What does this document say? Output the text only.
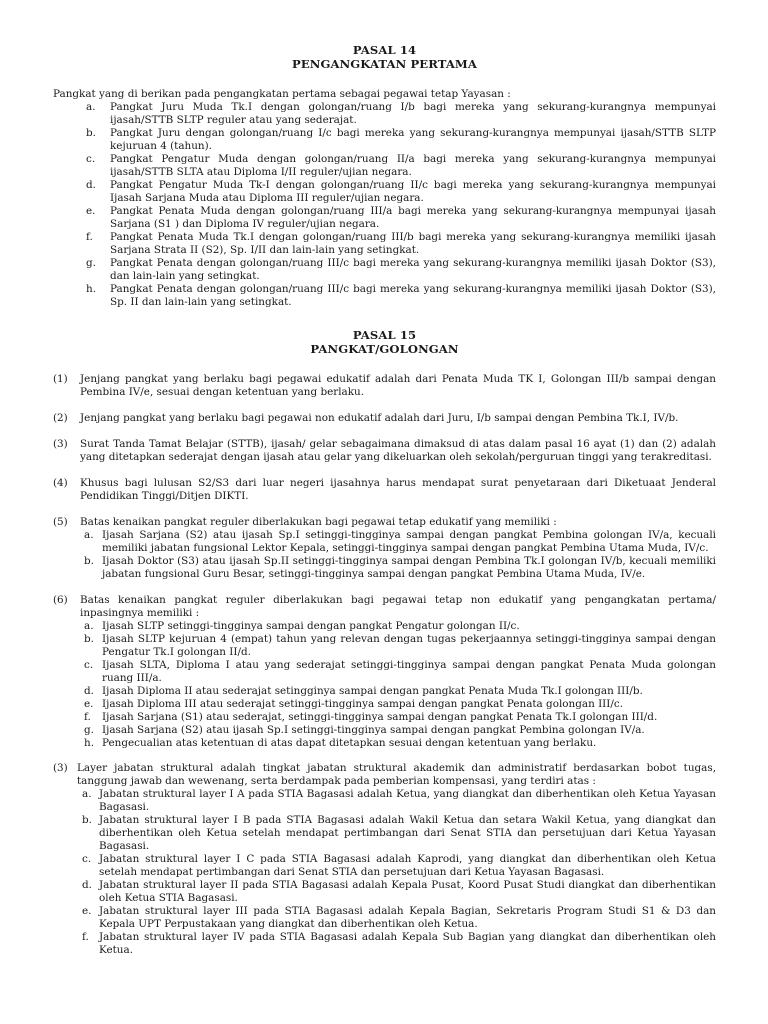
PASAL 14
PENGANGKATAN PERTAMA

Pangkat yang di berikan pada pengangkatan pertama sebagai pegawai tetap Yayasan :

a. Pangkat Juru Muda Tk.I dengan golongan/ruang I/b bagi mereka yang sekurang-kurangnya mempunyai ijasah/STTB SLTP reguler atau yang sederajat.
b. Pangkat Juru dengan golongan/ruang I/c bagi mereka yang sekurang-kurangnya mempunyai ijasah/STTB SLTP kejuruan 4 (tahun).
c. Pangkat Pengatur Muda dengan golongan/ruang II/a bagi mereka yang sekurang-kurangnya mempunyai ijasah/STTB SLTA atau Diploma I/II reguler/ujian negara.
d. Pangkat Pengatur Muda Tk-I dengan golongan/ruang II/c bagi mereka yang sekurang-kurangnya mempunyai Ijasah Sarjana Muda atau Diploma III reguler/ujian negara.
e. Pangkat Penata Muda dengan golongan/ruang III/a bagi mereka yang sekurang-kurangnya mempunyai ijasah Sarjana (S1 ) dan Diploma IV reguler/ujian negara.
f. Pangkat Penata Muda Tk.I dengan golongan/ruang III/b bagi mereka yang sekurang-kurangnya memiliki ijasah Sarjana Strata II (S2), Sp. I/II dan lain-lain yang setingkat.
g. Pangkat Penata dengan golongan/ruang III/c bagi mereka yang sekurang-kurangnya memiliki ijasah Doktor (S3), dan lain-lain yang setingkat.
h. Pangkat Penata dengan golongan/ruang III/c bagi mereka yang sekurang-kurangnya memiliki ijasah Doktor (S3), Sp. II dan lain-lain yang setingkat.
PASAL 15
PANGKAT/GOLONGAN
(1) Jenjang pangkat yang berlaku bagi pegawai edukatif adalah dari Penata Muda TK I, Golongan III/b sampai dengan Pembina IV/e, sesuai dengan ketentuan yang berlaku.
(2) Jenjang pangkat yang berlaku bagi pegawai non edukatif adalah dari Juru, I/b sampai dengan Pembina Tk.I, IV/b.
(3) Surat Tanda Tamat Belajar (STTB), ijasah/ gelar sebagaimana dimaksud di atas dalam pasal 16 ayat (1) dan (2) adalah yang ditetapkan sederajat dengan ijasah atau gelar yang dikeluarkan oleh sekolah/perguruan tinggi yang terakreditasi.
(4) Khusus bagi lulusan S2/S3 dari luar negeri ijasahnya harus mendapat surat penyetaraan dari Diketuaat Jenderal Pendidikan Tinggi/Ditjen DIKTI.
(5) Batas kenaikan pangkat reguler diberlakukan bagi pegawai tetap edukatif yang memiliki :
a. Ijasah Sarjana (S2) atau ijasah Sp.I setinggi-tingginya sampai dengan pangkat Pembina golongan IV/a, kecuali memiliki jabatan fungsional Lektor Kepala, setinggi-tingginya sampai dengan pangkat Pembina Utama Muda, IV/c.
b. Ijasah Doktor (S3) atau ijasah Sp.II setinggi-tingginya sampai dengan Pembina Tk.I golongan IV/b, kecuali memiliki jabatan fungsional Guru Besar, setinggi-tingginya sampai dengan pangkat Pembina Utama Muda, IV/e.
(6) Batas kenaikan pangkat reguler diberlakukan bagi pegawai tetap non edukatif yang pengangkatan pertama/ inpasingnya memiliki :
a. Ijasah SLTP setinggi-tingginya sampai dengan pangkat Pengatur golongan II/c.
b. Ijasah SLTP kejuruan 4 (empat) tahun yang relevan dengan tugas pekerjaannya setinggi-tingginya sampai dengan Pengatur Tk.I golongan II/d.
c. Ijasah SLTA, Diploma I atau yang sederajat setinggi-tingginya sampai dengan pangkat Penata Muda golongan ruang III/a.
d. Ijasah Diploma II atau sederajat setingginya sampai dengan pangkat Penata Muda Tk.I golongan III/b.
e. Ijasah Diploma III atau sederajat setinggi-tingginya sampai dengan pangkat Penata golongan III/c.
f. Ijasah Sarjana (S1) atau sederajat, setinggi-tingginya sampai dengan pangkat Penata Tk.I golongan III/d.
g. Ijasah Sarjana (S2) atau ijasah Sp.I setinggi-tingginya sampai dengan pangkat Pembina golongan IV/a.
h. Pengecualian atas ketentuan di atas dapat ditetapkan sesuai dengan ketentuan yang berlaku.
(3) Layer jabatan struktural adalah tingkat jabatan struktural akademik dan administratif berdasarkan bobot tugas, tanggung jawab dan wewenang, serta berdampak pada pemberian kompensasi, yang terdiri atas :
a. Jabatan struktural layer I A pada STIA Bagasasi adalah Ketua, yang diangkat dan diberhentikan oleh Ketua Yayasan Bagasasi.
b. Jabatan struktural layer I B pada STIA Bagasasi adalah Wakil Ketua dan setara Wakil Ketua, yang diangkat dan diberhentikan oleh Ketua setelah mendapat pertimbangan dari Senat STIA dan persetujuan dari Ketua Yayasan Bagasasi.
c. Jabatan struktural layer I C pada STIA Bagasasi adalah Kaprodi, yang diangkat dan diberhentikan oleh Ketua setelah mendapat pertimbangan dari Senat STIA dan persetujuan dari Ketua Yayasan Bagasasi.
d. Jabatan struktural layer II pada STIA Bagasasi adalah Kepala Pusat, Koord Pusat Studi diangkat dan diberhentikan oleh Ketua STIA Bagasasi.
e. Jabatan struktural layer III pada STIA Bagasasi adalah Kepala Bagian, Sekretaris Program Studi S1 & D3 dan Kepala UPT Perpustakaan yang diangkat dan diberhentikan oleh Ketua.
f. Jabatan struktural layer IV pada STIA Bagasasi adalah Kepala Sub Bagian yang diangkat dan diberhentikan oleh Ketua.
